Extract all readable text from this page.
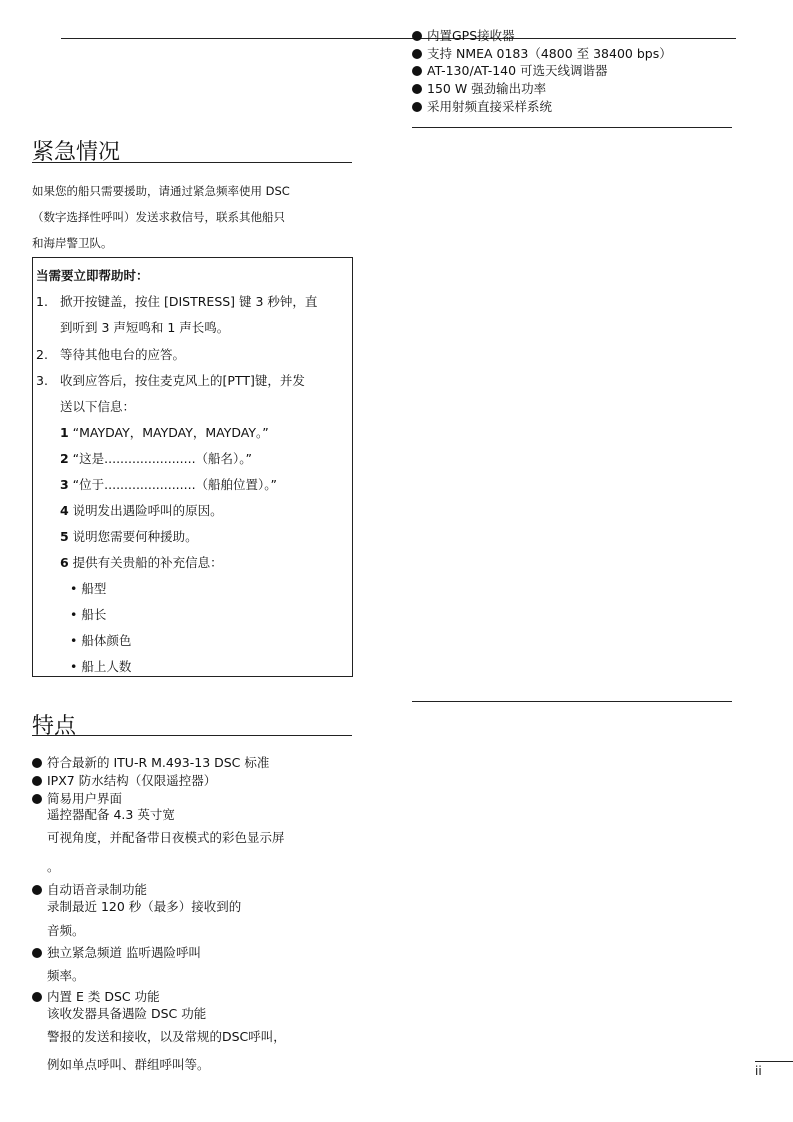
内置GPS接收器
支持 NMEA 0183（4800 至 38400 bps）
AT-130/AT-140 可选天线调谐器
150 W 强劲输出功率
采用射频直接采样系统
紧急情况
如果您的船只需要援助，请通过紧急频率使用 DSC
（数字选择性呼叫）发送求救信号，联系其他船只
和海岸警卫队。
当需要立即帮助时：
1. 掀开按键盖，按住 [DISTRESS] 键 3 秒钟，直
到听到 3 声短鸣和 1 声长鸣。
2. 等待其他电台的应答。
3. 收到应答后，按住麦克风上的[PTT]键，并发
送以下信息：
1 “MAYDAY，MAYDAY，MAYDAY。”
2 “这是.......................（船名）。”
3 “位于.......................（船舶位置）。”
4 说明发出遇险呼叫的原因。
5 说明您需要何种援助。
6 提供有关贵船的补充信息：
• 船型
• 船长
• 船体颜色
• 船上人数
特点
符合最新的 ITU-R M.493-13 DSC 标准
IPX7 防水结构（仅限遥控器）
简易用户界面
遥控器配备 4.3 英寸宽
可视角度，并配备带日夜模式的彩色显示屏
。
自动语音录制功能
录制最近 120 秒（最多）接收到的
音频。
独立紧急频道 监听遇险呼叫
频率。
内置 E 类 DSC 功能
该收发器具备遇险 DSC 功能
警报的发送和接收，以及常规的DSC呼叫，
例如单点呼叫、群组呼叫等。	ii
